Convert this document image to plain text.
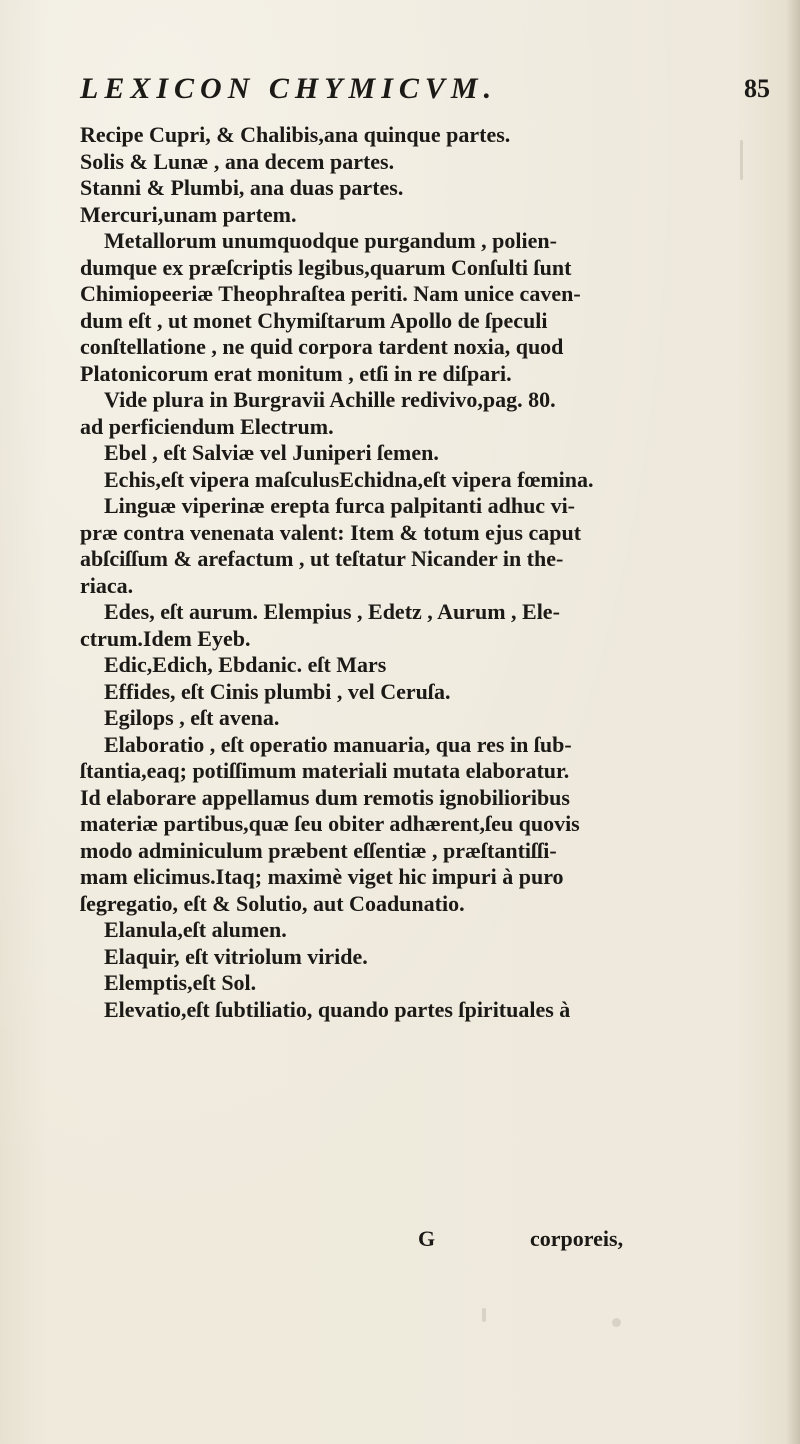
LEXICON CHYMICVM.	85
Recipe Cupri, & Chalibis,ana quinque partes.
Solis & Lunæ , ana decem partes.
Stanni & Plumbi, ana duas partes.
Mercuri,unam partem.
Metallorum unumquodque purgandum , polien-
dumque ex præſcriptis legibus,quarum Conſulti ſunt
Chimiopeeriæ Theophraſtea periti. Nam unice caven-
dum eſt , ut monet Chymiſtarum Apollo de ſpeculi
conſtellatione , ne quid corpora tardent noxia, quod
Platonicorum erat monitum , etſi in re diſpari.
Vide plura in Burgravii Achille redivivo,pag. 80.
ad perficiendum Electrum.
Ebel , eſt Salviæ vel Juniperi ſemen.
Echis,eſt vipera maſculusEchidna,eſt vipera fœmina.
Linguæ viperinæ erepta furca palpitanti adhuc vi-
præ contra venenata valent: Item & totum ejus caput
abſciſſum & arefactum , ut teſtatur Nicander in the-
riaca.
Edes, eſt aurum. Elempius , Edetz , Aurum , Ele-
ctrum.Idem Eyeb.
Edic,Edich, Ebdanic. eſt Mars
Effides, eſt Cinis plumbi , vel Ceruſa.
Egilops , eſt avena.
Elaboratio , eſt operatio manuaria, qua res in ſub-
ſtantia,eaq; potiſſimum materiali mutata elaboratur.
Id elaborare appellamus dum remotis ignobilioribus
materiæ partibus,quæ ſeu obiter adhærent,ſeu quovis
modo adminiculum præbent eſſentiæ , præſtantiſſi-
mam elicimus.Itaq; maximè viget hic impuri à puro
ſegregatio, eſt & Solutio, aut Coadunatio.
Elanula,eſt alumen.
Elaquir, eſt vitriolum viride.
Elemptis,eſt Sol.
Elevatio,eſt ſubtiliatio, quando partes ſpirituales à
G	corporeis,
